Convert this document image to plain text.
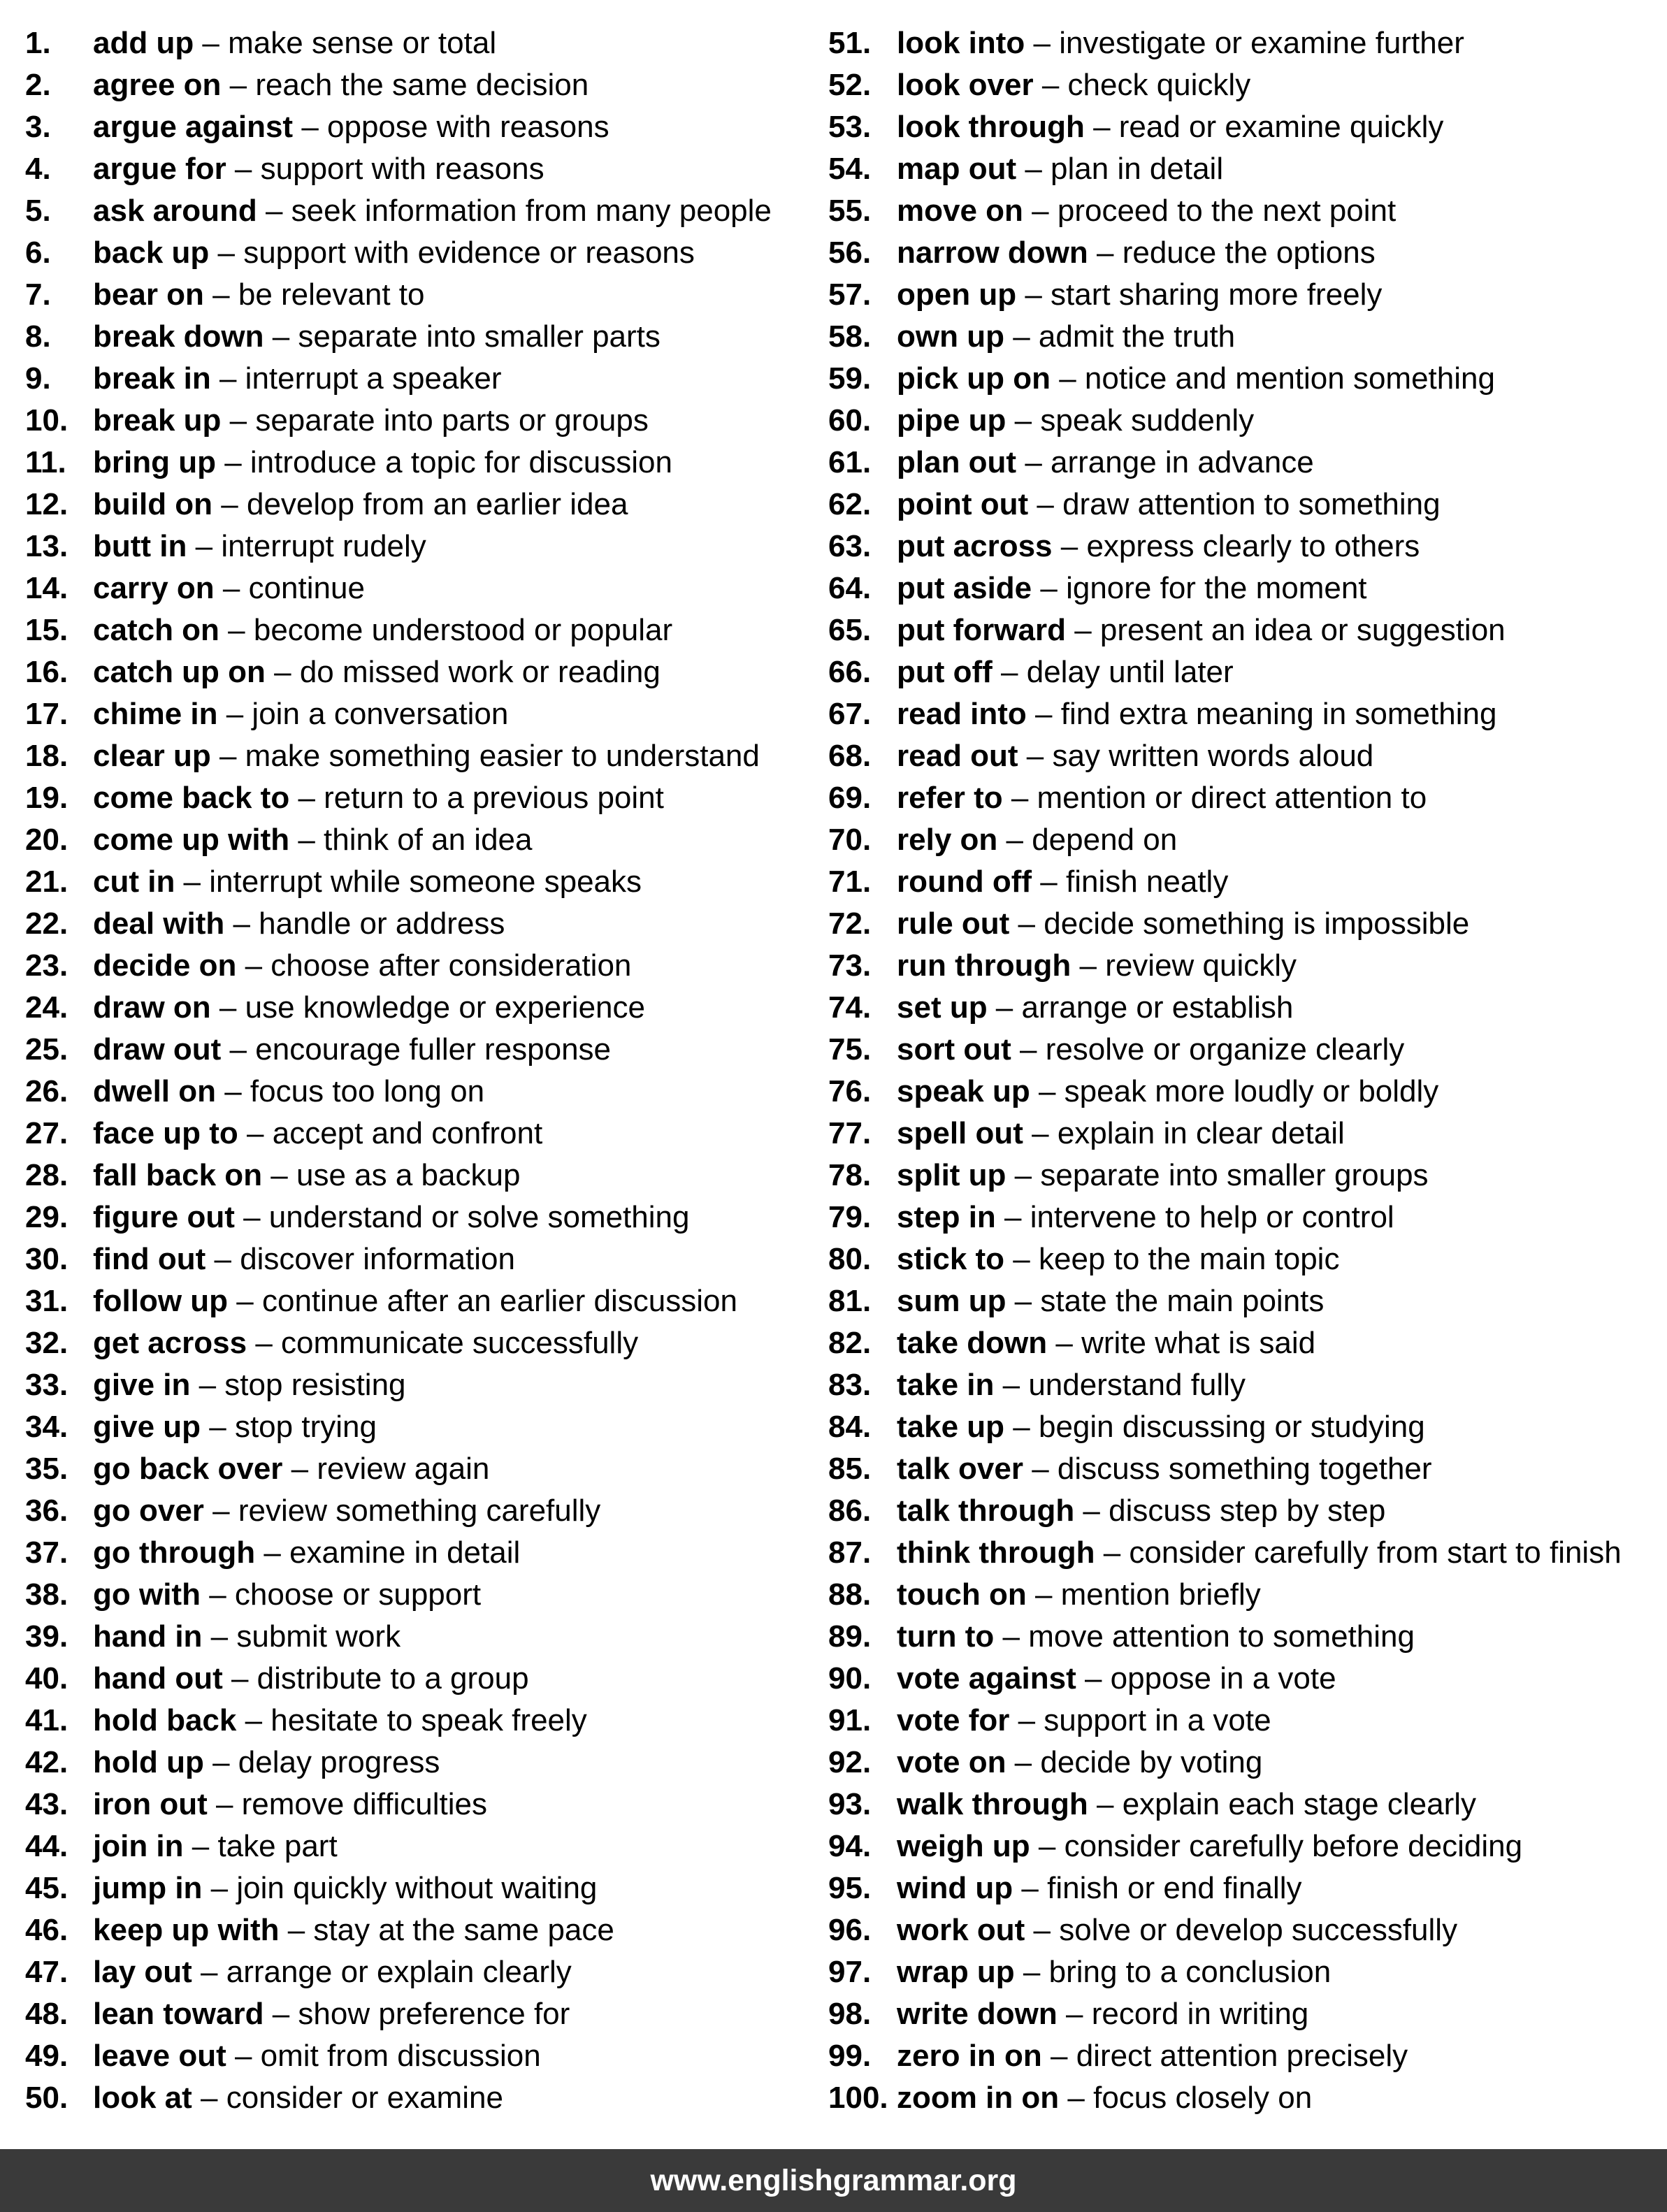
1.	add up – make sense or total
2.	agree on – reach the same decision
3.	argue against – oppose with reasons
4.	argue for – support with reasons
5.	ask around – seek information from many people
6.	back up – support with evidence or reasons
7.	bear on – be relevant to
8.	break down – separate into smaller parts
9.	break in – interrupt a speaker
10. break up – separate into parts or groups
11. bring up – introduce a topic for discussion
12. build on – develop from an earlier idea
13. butt in – interrupt rudely
14. carry on – continue
15. catch on – become understood or popular
16. catch up on – do missed work or reading
17. chime in – join a conversation
18. clear up – make something easier to understand
19. come back to – return to a previous point
20. come up with – think of an idea
21. cut in – interrupt while someone speaks
22. deal with – handle or address
23. decide on – choose after consideration
24. draw on – use knowledge or experience
25. draw out – encourage fuller response
26. dwell on – focus too long on
27. face up to – accept and confront
28. fall back on – use as a backup
29. figure out – understand or solve something
30. find out – discover information
31. follow up – continue after an earlier discussion
32. get across – communicate successfully
33. give in – stop resisting
34. give up – stop trying
35. go back over – review again
36. go over – review something carefully
37. go through – examine in detail
38. go with – choose or support
39. hand in – submit work
40. hand out – distribute to a group
41. hold back – hesitate to speak freely
42. hold up – delay progress
43. iron out – remove difficulties
44. join in – take part
45. jump in – join quickly without waiting
46. keep up with – stay at the same pace
47. lay out – arrange or explain clearly
48. lean toward – show preference for
49. leave out – omit from discussion
50. look at – consider or examine
51. look into – investigate or examine further
52. look over – check quickly
53. look through – read or examine quickly
54. map out – plan in detail
55. move on – proceed to the next point
56. narrow down – reduce the options
57. open up – start sharing more freely
58. own up – admit the truth
59. pick up on – notice and mention something
60. pipe up – speak suddenly
61. plan out – arrange in advance
62. point out – draw attention to something
63. put across – express clearly to others
64. put aside – ignore for the moment
65. put forward – present an idea or suggestion
66. put off – delay until later
67. read into – find extra meaning in something
68. read out – say written words aloud
69. refer to – mention or direct attention to
70. rely on – depend on
71. round off – finish neatly
72. rule out – decide something is impossible
73. run through – review quickly
74. set up – arrange or establish
75. sort out – resolve or organize clearly
76. speak up – speak more loudly or boldly
77. spell out – explain in clear detail
78. split up – separate into smaller groups
79. step in – intervene to help or control
80. stick to – keep to the main topic
81. sum up – state the main points
82. take down – write what is said
83. take in – understand fully
84. take up – begin discussing or studying
85. talk over – discuss something together
86. talk through – discuss step by step
87. think through – consider carefully from start to finish
88. touch on – mention briefly
89. turn to – move attention to something
90. vote against – oppose in a vote
91. vote for – support in a vote
92. vote on – decide by voting
93. walk through – explain each stage clearly
94. weigh up – consider carefully before deciding
95. wind up – finish or end finally
96. work out – solve or develop successfully
97. wrap up – bring to a conclusion
98. write down – record in writing
99. zero in on – direct attention precisely
100. zoom in on – focus closely on
www.englishgrammar.org
